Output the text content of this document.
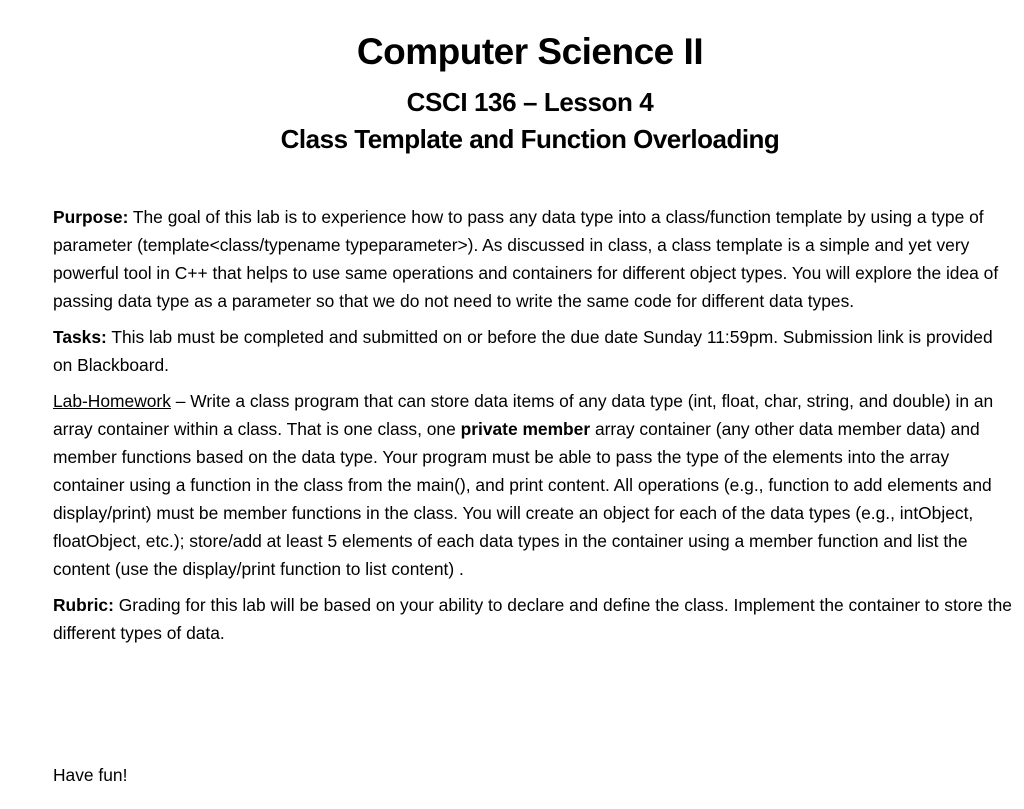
Computer Science II
CSCI 136 – Lesson 4
Class Template and Function Overloading

Purpose: The goal of this lab is to experience how to pass any data type into a class/function template by using a type of parameter (template<class/typename typeparameter>). As discussed in class, a class template is a simple and yet very powerful tool in C++ that helps to use same operations and containers for different object types. You will explore the idea of passing data type as a parameter so that we do not need to write the same code for different data types.

Tasks: This lab must be completed and submitted on or before the due date Sunday 11:59pm. Submission link is provided on Blackboard.

Lab-Homework – Write a class program that can store data items of any data type (int, float, char, string, and double) in an array container within a class. That is one class, one private member array container (any other data member data) and member functions based on the data type. Your program must be able to pass the type of the elements into the array container using a function in the class from the main(), and print content. All operations (e.g., function to add elements and display/print) must be member functions in the class. You will create an object for each of the data types (e.g., intObject, floatObject, etc.); store/add at least 5 elements of each data types in the container using a member function and list the content (use the display/print function to list content) .

Rubric: Grading for this lab will be based on your ability to declare and define the class. Implement the container to store the different types of data.

Have fun!
